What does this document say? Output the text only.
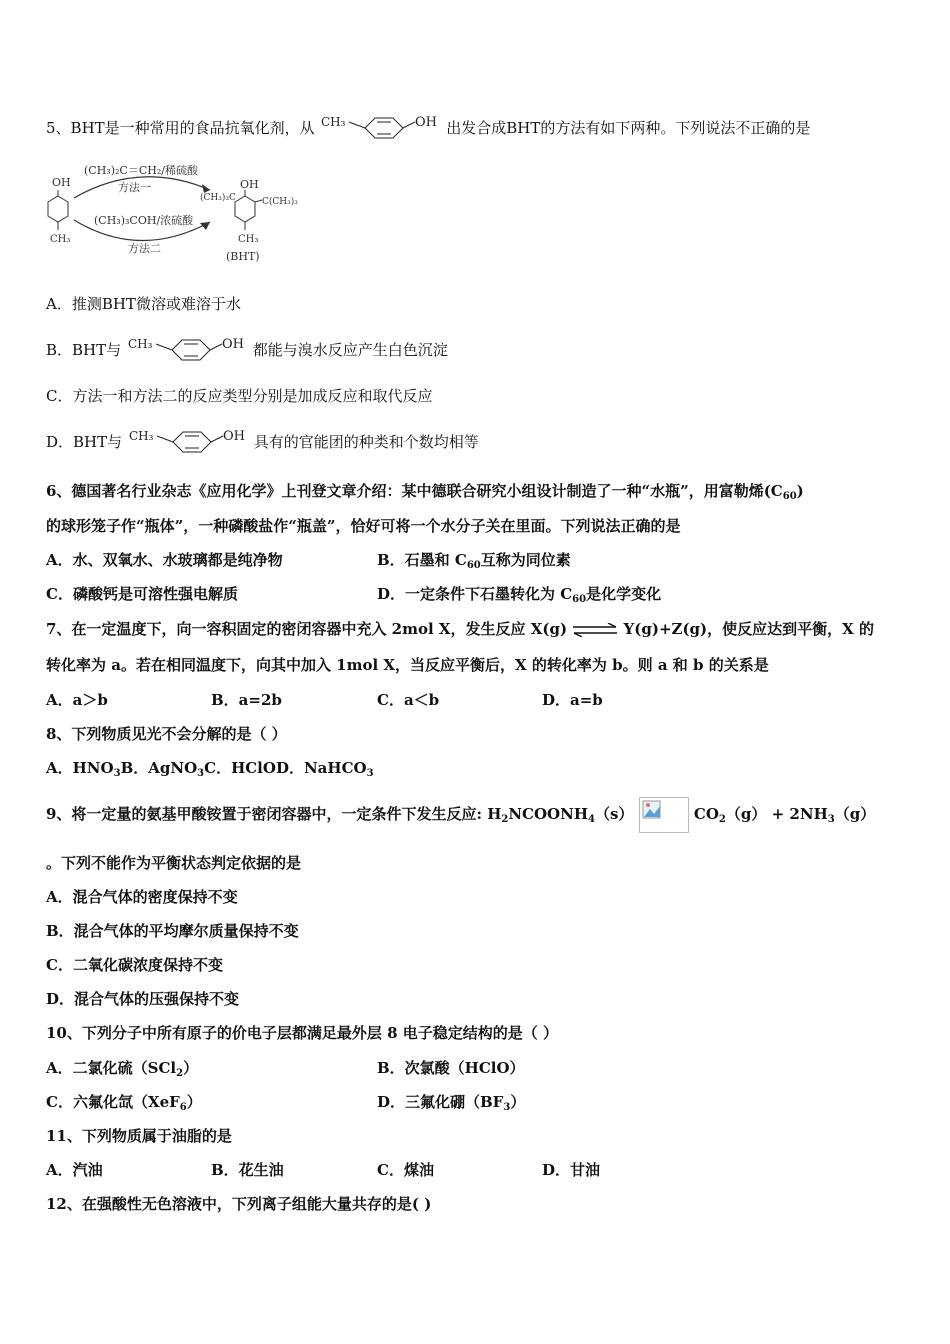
5、BHT是一种常用的食品抗氧化剂，从 CH₃	OH 出发合成BHT的方法有如下两种。下列说法不正确的是
OH
CH₃
(CH₃)₂C＝CH₂/稀硫酸
方法一
(CH₃)₃COH/浓硫酸
方法二
(CH₃)₃C
OH
C(CH₃)₃
CH₃
(BHT)
A．推测BHT微溶或难溶于水
B．BHT与 CH₃	OH 都能与溴水反应产生白色沉淀
C．方法一和方法二的反应类型分别是加成反应和取代反应
D．BHT与 CH₃	OH 具有的官能团的种类和个数均相等
6、德国著名行业杂志《应用化学》上刊登文章介绍：某中德联合研究小组设计制造了一种“水瓶”，用富勒烯$(C_{60})$
的球形笼子作“瓶体”，一种磷酸盐作“瓶盖”，恰好可将一个水分子关在里面。下列说法正确的是
A．水、双氧水、水玻璃都是纯净物	B．石墨和 $C_{60}$互称为同位素
C．磷酸钙是可溶性强电解质	D．一定条件下石墨转化为 $C_{60}$是化学变化
7、在一定温度下，向一容积固定的密闭容器中充入 2mol X，发生反应 X(g) ⇌ Y(g)+Z(g)，使反应达到平衡，X 的
转化率为 a。若在相同温度下，向其中加入 1mol X，当反应平衡后，X 的转化率为 b。则 a 和 b 的关系是
A．a＞b	B．a=2b	C．a＜b	D．a=b
8、下列物质见光不会分解的是（ ）
A．$HNO_3B$．AgNO$_3$C．HClOD．NaHCO$_3$
9、将一定量的氨基甲酸铵置于密闭容器中，一定条件下发生反应: $H_2NCOONH_4(s)$	$CO_2(g) + 2NH_3(g)$
。下列不能作为平衡状态判定依据的是
A．混合气体的密度保持不变
B．混合气体的平均摩尔质量保持不变
C．二氧化碳浓度保持不变
D．混合气体的压强保持不变
10、下列分子中所有原子的价电子层都满足最外层 8 电子稳定结构的是（ ）
A．二氯化硫（SCl$_2$）	B．次氯酸（HClO）
C．六氟化氙（XeF$_6$）	D．三氟化硼$(BF_3)$
11、下列物质属于油脂的是
A．汽油	B．花生油	C．煤油	D．甘油
12、在强酸性无色溶液中，下列离子组能大量共存的是( )
